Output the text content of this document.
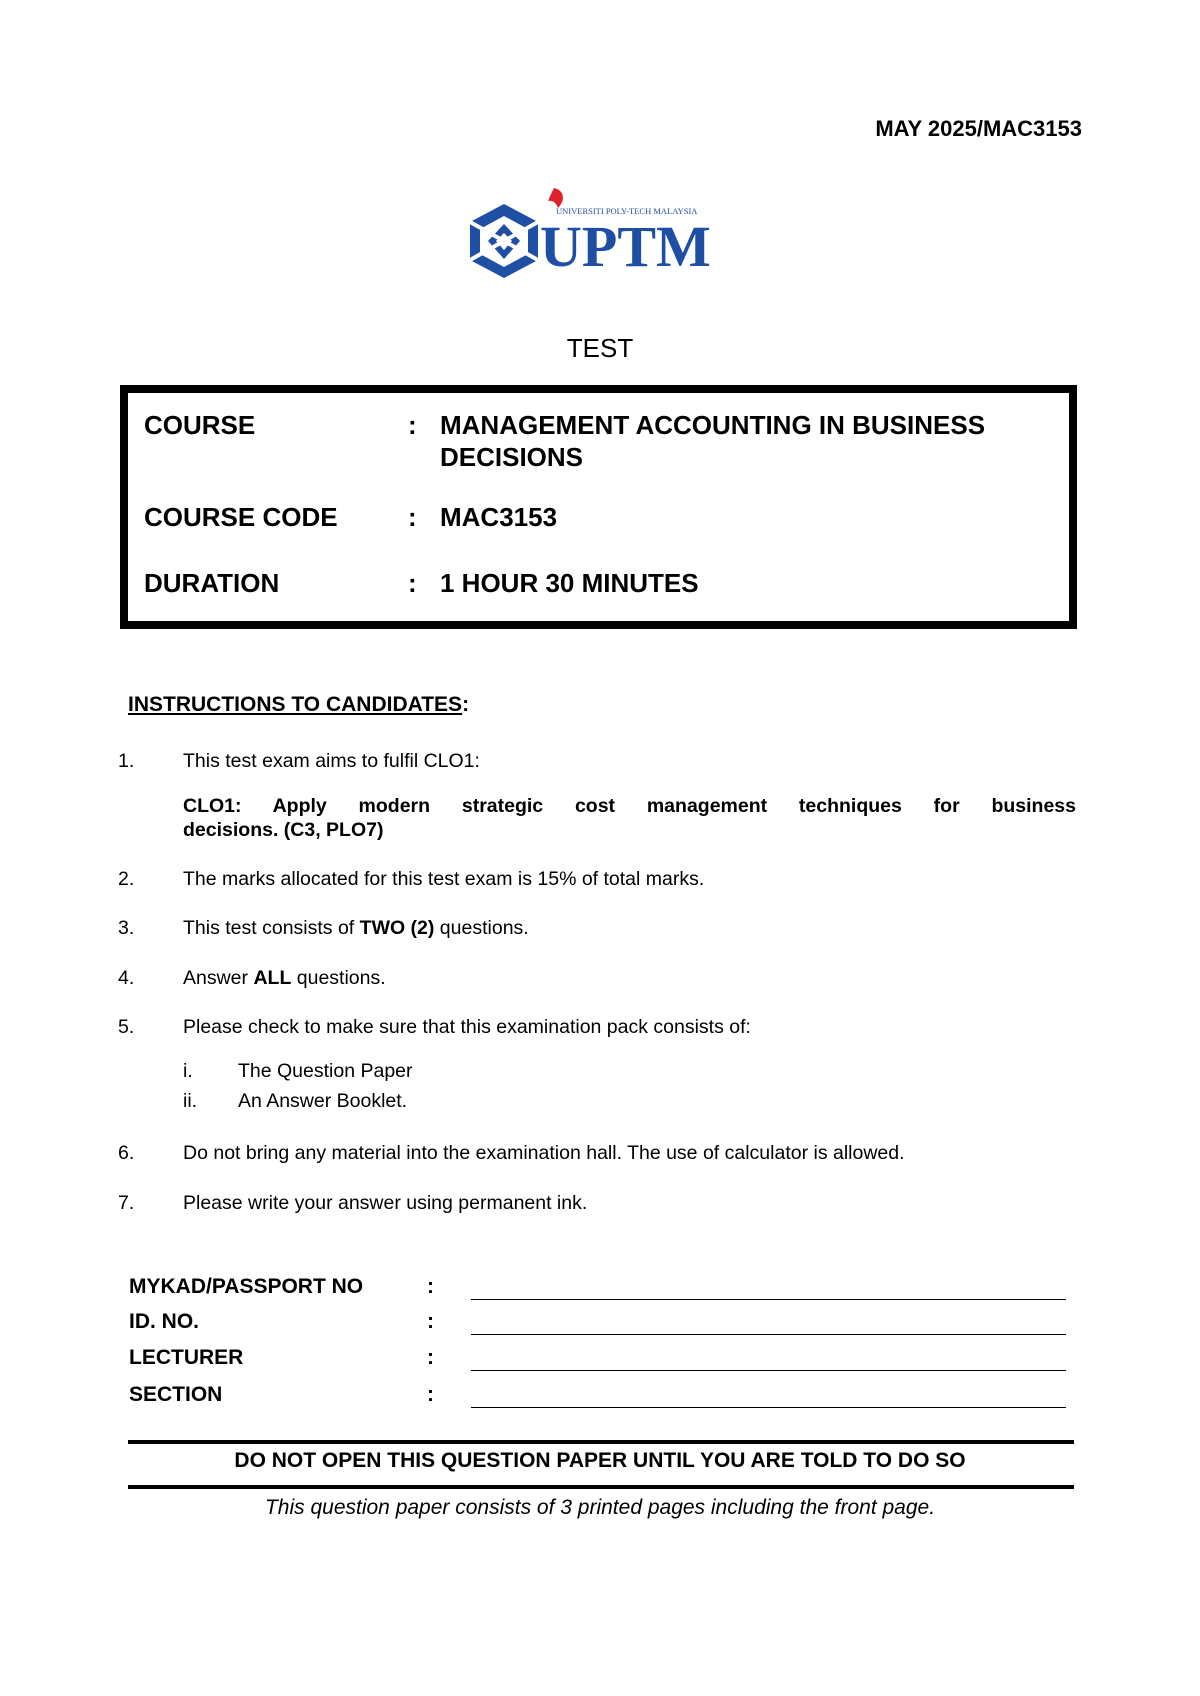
MAY 2025/MAC3153
UNIVERSITI POLY-TECH MALAYSIA
UPTM
TEST
COURSE	: MANAGEMENT ACCOUNTING IN BUSINESS
DECISIONS
COURSE CODE	: MAC3153
DURATION	: 1 HOUR 30 MINUTES
INSTRUCTIONS TO CANDIDATES:
1.	This test exam aims to fulfil CLO1:
CLO1: Apply modern strategic cost management techniques for business
decisions. (C3, PLO7)
2.	The marks allocated for this test exam is 15% of total marks.
3.	This test consists of TWO (2) questions.
4.	Answer ALL questions.
5.	Please check to make sure that this examination pack consists of:
i. The Question Paper
ii. An Answer Booklet.
6.	Do not bring any material into the examination hall. The use of calculator is allowed.
7.	Please write your answer using permanent ink.
MYKAD/PASSPORT NO	:
ID. NO.	:
LECTURER	:
SECTION	:
DO NOT OPEN THIS QUESTION PAPER UNTIL YOU ARE TOLD TO DO SO
This question paper consists of 3 printed pages including the front page.
